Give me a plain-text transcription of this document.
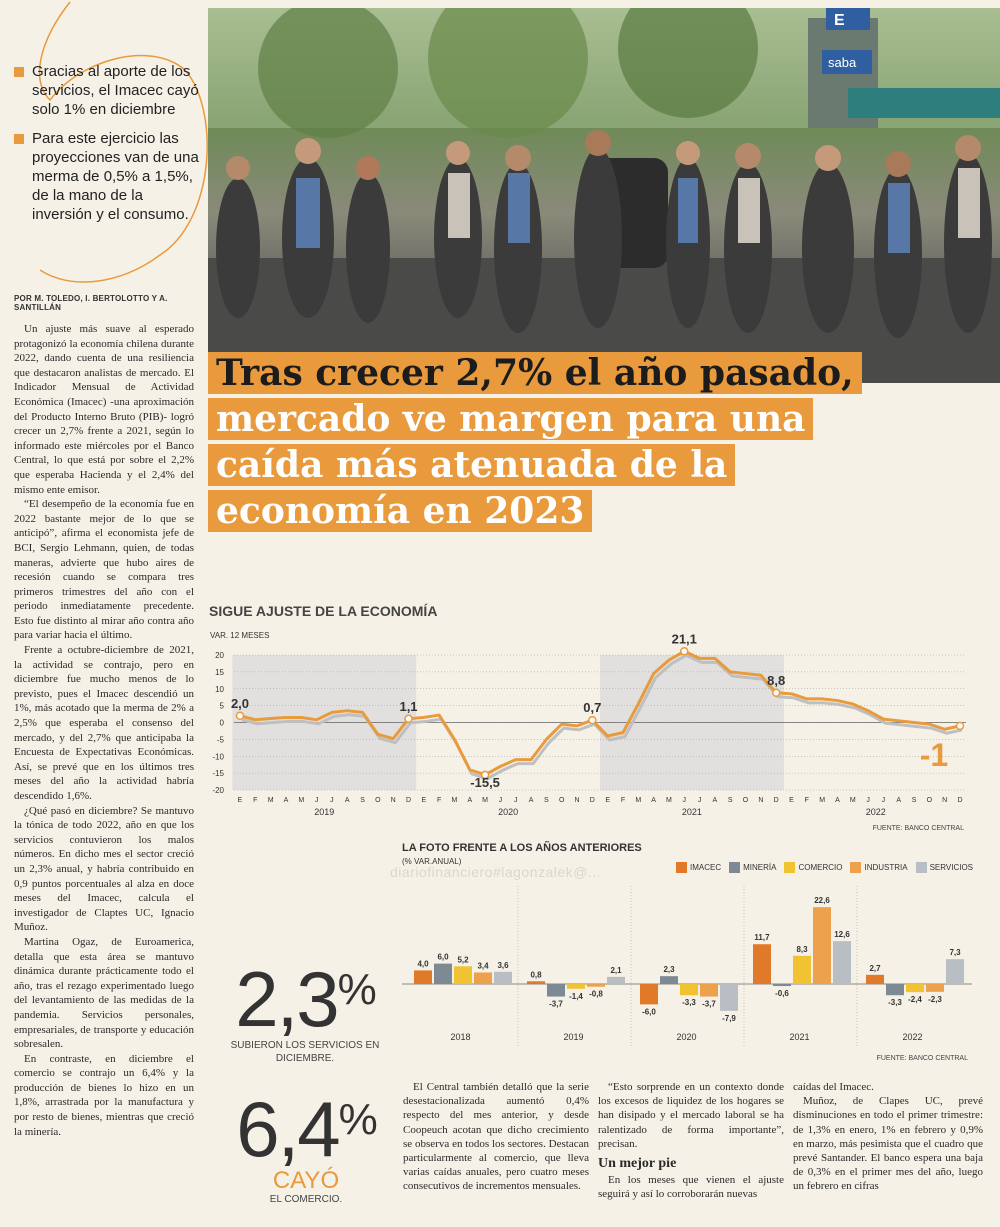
Gracias al aporte de los servicios, el Imacec cayó solo 1% en diciembre
Para este ejercicio las proyecciones van de una merma de 0,5% a 1,5%, de la mano de la inversión y el consumo.
POR M. TOLEDO, I. BERTOLOTTO Y A. SANTILLÁN

Un ajuste más suave al esperado protagonizó la economía chilena durante 2022, dando cuenta de una resiliencia que destacaron analistas de mercado. El Indicador Mensual de Actividad Económica (Imacec) -una aproximación del Producto Interno Bruto (PIB)- logró crecer un 2,7% frente a 2021, según lo informado este miércoles por el Banco Central, lo que está por sobre el 2,2% que esperaba Hacienda y el 2,4% del mismo ente emisor.

“El desempeño de la economía fue en 2022 bastante mejor de lo que se anticipó”, afirma el economista jefe de BCI, Sergio Lehmann, quien, de todas maneras, advierte que hubo aires de recesión cuando se compara tres primeros trimestres del año con el periodo inmediatamente precedente. Esto fue distinto al mirar año contra año para variar hacia el último.

Frente a octubre-diciembre de 2021, la actividad se contrajo, pero en diciembre fue mucho menos de lo previsto, pues el Imacec descendió un 1%, más acotado que la merma de 2% a 2,5% que esperaba el consenso del mercado, y del 2,7% que anticipaba la Encuesta de Expectativas Económicas. Así, se prevé que en los últimos tres meses del año la actividad habría descendido 1,6%.

¿Qué pasó en diciembre? Se mantuvo la tónica de todo 2022, año en que los servicios contuvieron los malos números. En dicho mes el sector creció un 2,3% anual, y habría contribuido en 0,9 puntos porcentuales al alza en doce meses del Imacec, calcula el investigador de Claptes UC, Ignacio Muñoz.

Martina Ogaz, de Euroamerica, detalla que esta área se mantuvo dinámica durante prácticamente todo el año, tras el rezago experimentado luego del levantamiento de las medidas de la pandemia. Servicios personales, empresariales, de transporte y educación sobresalen.

En contraste, en diciembre el comercio se contrajo un 6,4% y la producción de bienes lo hizo en un 1,8%, arrastrada por la manufactura y por resto de bienes, mientras que creció la minería.

E
saba
Tras crecer 2,7% el año pasado,
mercado ve margen para una
caída más atenuada de la
economía en 2023
SIGUE AJUSTE DE LA ECONOMÍA
VAR. 12 MESES
20
15
10
5
0
-5
-10
-15
-20
2,0	1,1
-15,5
0,7
21,1
8,8
-1
E F M A M J J A S O N D E F M A M J J A S O N D E F M A M J J A S O N D E F M A M J J A S O N D
2019	2020	2021	2022
FUENTE: BANCO CENTRAL
LA FOTO FRENTE A LOS AÑOS ANTERIORES
(% VAR.ANUAL)
diariofinanciero#lagonzalek@...	IMACEC	MINERÍA	COMERCIO	INDUSTRIA	SERVICIOS
2018	2019	2020	2021	2022
4,0
6,0 5,2
3,4 3,6
0,8
-3,7
-1,4 -0,8
2,1
-6,0
2,3
-3,3 -3,7
-7,9
11,7
-0,6
8,3
22,6
12,6
2,7
-3,3 -2,4 -2,3
7,3
FUENTE: BANCO CENTRAL
2,3%
SUBIERON LOS SERVICIOS EN DICIEMBRE.
6,4%
CAYÓ
EL COMERCIO.

El Central también detalló que la serie desestacionalizada aumentó 0,4% respecto del mes anterior, y desde Coopeuch acotan que dicho crecimiento se observa en todos los sectores. Destacan particularmente al comercio, que lleva varias caídas anuales, pero cuatro meses consecutivos de incrementos mensuales.

“Esto sorprende en un contexto donde los excesos de liquidez de los hogares se han disipado y el mercado laboral se ha ralentizado de forma importante”, precisan.

Un mejor pie

En los meses que vienen el ajuste seguirá y así lo corroborarán nuevas

caídas del Imacec.

Muñoz, de Clapes UC, prevé disminuciones en todo el primer trimestre: de 1,3% en enero, 1% en febrero y 0,9% en marzo, más pesimista que el cuadro que prevé Santander. El banco espera una baja de 0,3% en el primer mes del año, luego un febrero en cifras
